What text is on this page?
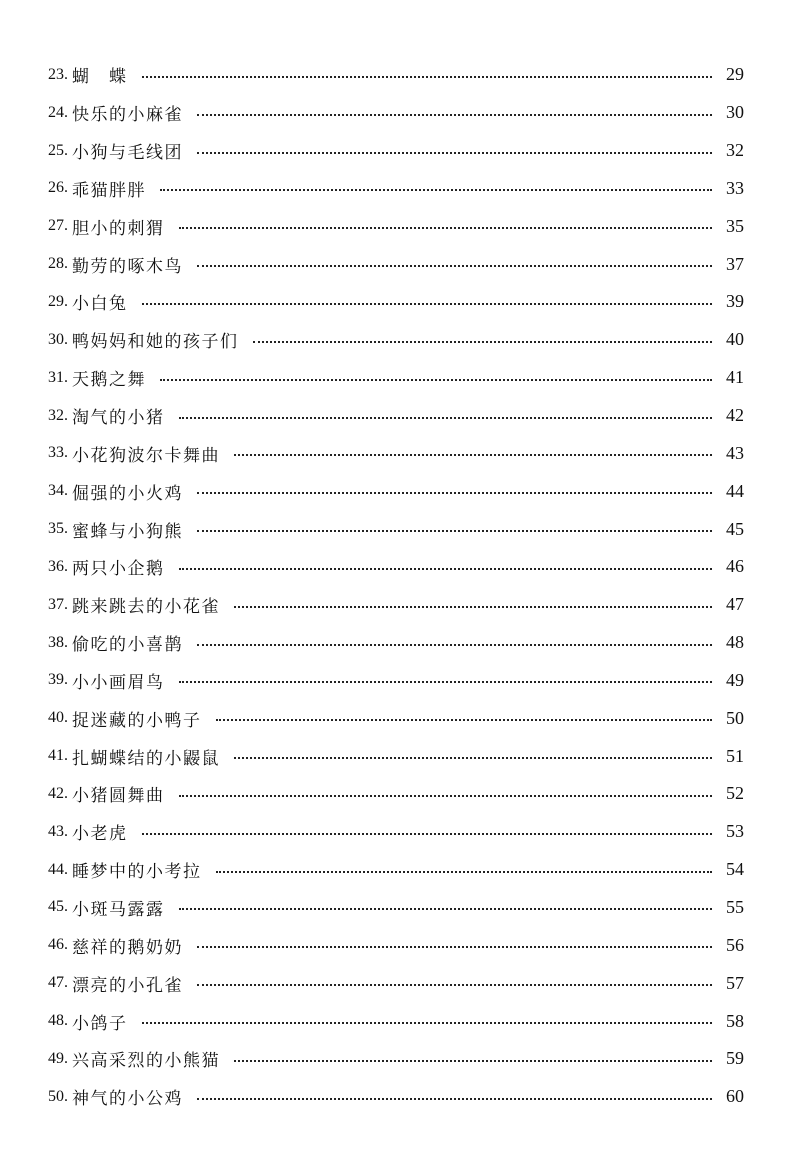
23. 蝴　蝶	29
24. 快乐的小麻雀	30
25. 小狗与毛线团	32
26. 乖猫胖胖	33
27. 胆小的刺猬	35
28. 勤劳的啄木鸟	37
29. 小白兔	39
30. 鸭妈妈和她的孩子们	40
31. 天鹅之舞	41
32. 淘气的小猪	42
33. 小花狗波尔卡舞曲	43
34. 倔强的小火鸡	44
35. 蜜蜂与小狗熊	45
36. 两只小企鹅	46
37. 跳来跳去的小花雀	47
38. 偷吃的小喜鹊	48
39. 小小画眉鸟	49
40. 捉迷藏的小鸭子	50
41. 扎蝴蝶结的小鼹鼠	51
42. 小猪圆舞曲	52
43. 小老虎	53
44. 睡梦中的小考拉	54
45. 小斑马露露	55
46. 慈祥的鹅奶奶	56
47. 漂亮的小孔雀	57
48. 小鸽子	58
49. 兴高采烈的小熊猫	59
50. 神气的小公鸡	60
